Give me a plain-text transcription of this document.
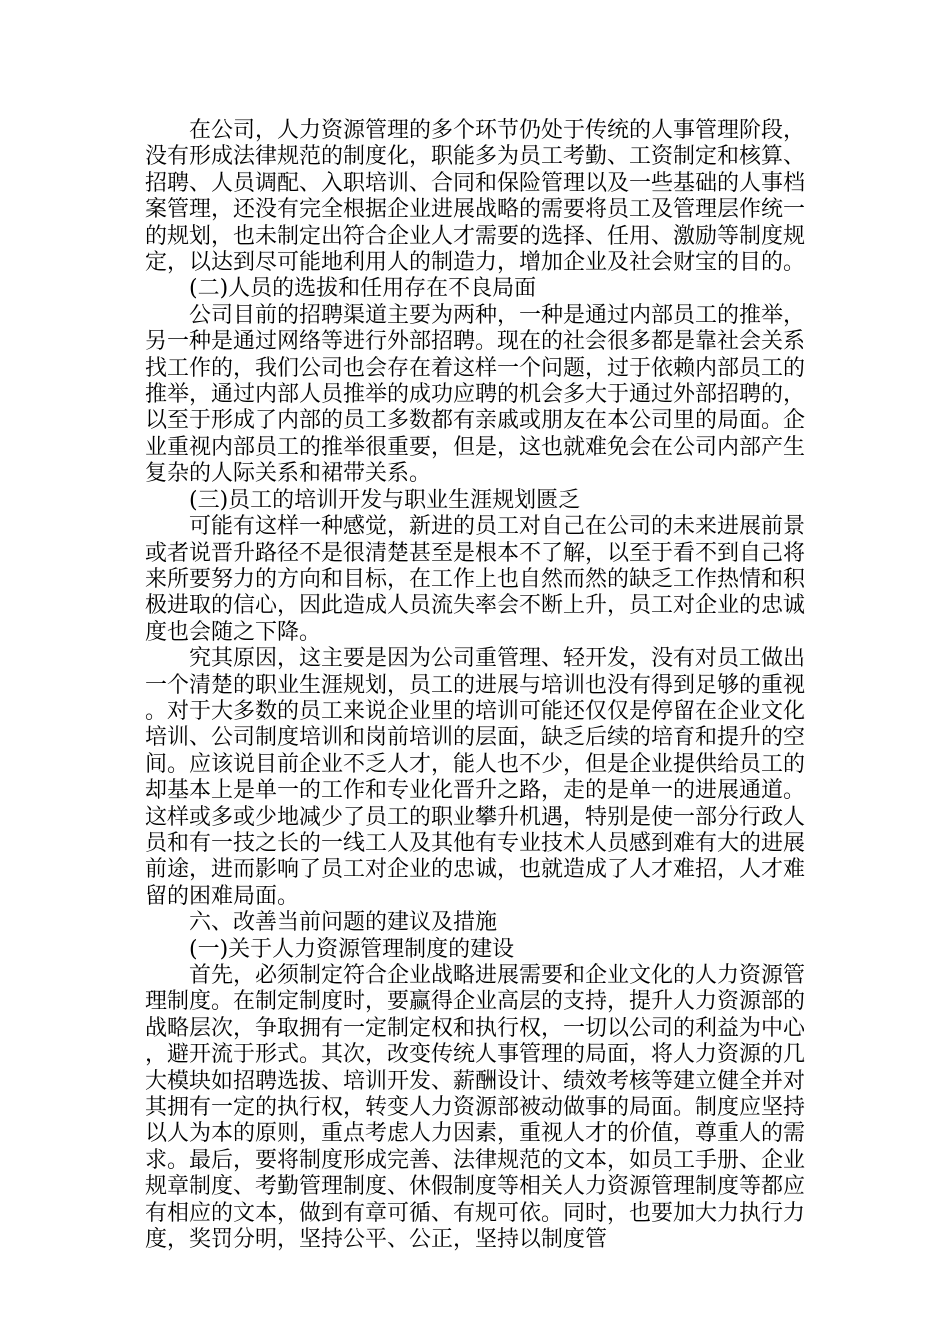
在公司，人力资源管理的多个环节仍处于传统的人事管理阶段，没有形成法律规范的制度化，职能多为员工考勤、工资制定和核算、招聘、人员调配、入职培训、合同和保险管理以及一些基础的人事档案管理，还没有完全根据企业进展战略的需要将员工及管理层作统一的规划，也未制定出符合企业人才需要的选择、任用、激励等制度规定，以达到尽可能地利用人的制造力，增加企业及社会财宝的目的。

(二)人员的选拔和任用存在不良局面

公司目前的招聘渠道主要为两种，一种是通过内部员工的推举，另一种是通过网络等进行外部招聘。现在的社会很多都是靠社会关系找工作的，我们公司也会存在着这样一个问题，过于依赖内部员工的推举，通过内部人员推举的成功应聘的机会多大于通过外部招聘的，以至于形成了内部的员工多数都有亲戚或朋友在本公司里的局面。企业重视内部员工的推举很重要，但是，这也就难免会在公司内部产生复杂的人际关系和裙带关系。

(三)员工的培训开发与职业生涯规划匮乏

可能有这样一种感觉，新进的员工对自己在公司的未来进展前景或者说晋升路径不是很清楚甚至是根本不了解，以至于看不到自己将来所要努力的方向和目标，在工作上也自然而然的缺乏工作热情和积极进取的信心，因此造成人员流失率会不断上升，员工对企业的忠诚度也会随之下降。

究其原因，这主要是因为公司重管理、轻开发，没有对员工做出一个清楚的职业生涯规划，员工的进展与培训也没有得到足够的重视。对于大多数的员工来说企业里的培训可能还仅仅是停留在企业文化培训、公司制度培训和岗前培训的层面，缺乏后续的培育和提升的空间。应该说目前企业不乏人才，能人也不少，但是企业提供给员工的却基本上是单一的工作和专业化晋升之路，走的是单一的进展通道。这样或多或少地减少了员工的职业攀升机遇，特别是使一部分行政人员和有一技之长的一线工人及其他有专业技术人员感到难有大的进展前途，进而影响了员工对企业的忠诚，也就造成了人才难招，人才难留的困难局面。

六、改善当前问题的建议及措施

(一)关于人力资源管理制度的建设

首先，必须制定符合企业战略进展需要和企业文化的人力资源管理制度。在制定制度时，要赢得企业高层的支持，提升人力资源部的战略层次，争取拥有一定制定权和执行权，一切以公司的利益为中心，避开流于形式。其次，改变传统人事管理的局面，将人力资源的几大模块如招聘选拔、培训开发、薪酬设计、绩效考核等建立健全并对其拥有一定的执行权，转变人力资源部被动做事的局面。制度应坚持以人为本的原则，重点考虑人力因素，重视人才的价值，尊重人的需求。最后，要将制度形成完善、法律规范的文本，如员工手册、企业规章制度、考勤管理制度、休假制度等相关人力资源管理制度等都应有相应的文本，做到有章可循、有规可依。同时，也要加大力执行力度，奖罚分明，坚持公平、公正，坚持以制度管
